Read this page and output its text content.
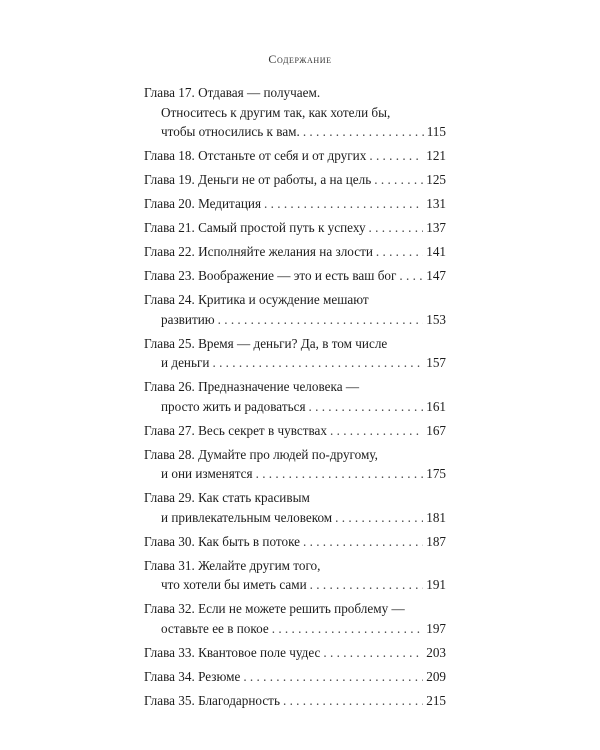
Содержание
Глава 17. Отдавая — получаем.
Относитесь к другим так, как хотели бы,
чтобы относились к вам. . . .	115
Глава 18.
Отстаньте от себя и от других . . .	121
Глава 19.
Деньги не от работы, а на цель . . .	125
Глава 20.
Медитация . . .	131
Глава 21.
Самый простой путь к успеху . . .	137
Глава 22.
Исполняйте желания на злости . . .	141
Глава 23.
Воображение — это и есть ваш бог . . . 147
Глава 24. Критика и осуждение мешают
развитию . . .	153
Глава 25. Время — деньги? Да, в том числе
и деньги . . .	157
Глава 26. Предназначение человека —
просто жить и радоваться . . .	161
Глава 27.
Весь секрет в чувствах . . .	167
Глава 28. Думайте про людей по-другому,
и они изменятся . . .	175
Глава 29. Как стать красивым
и привлекательным человеком . . .	181
Глава 30.
Как быть в потоке . . .	187
Глава 31. Желайте другим того,
что хотели бы иметь сами . . .	191
Глава 32. Если не можете решить проблему —
оставьте ее в покое . . .	197
Глава 33.
Квантовое поле чудес . . .	203
Глава 34.
Резюме . . .	209
Глава 35.
Благодарность . . .	215
